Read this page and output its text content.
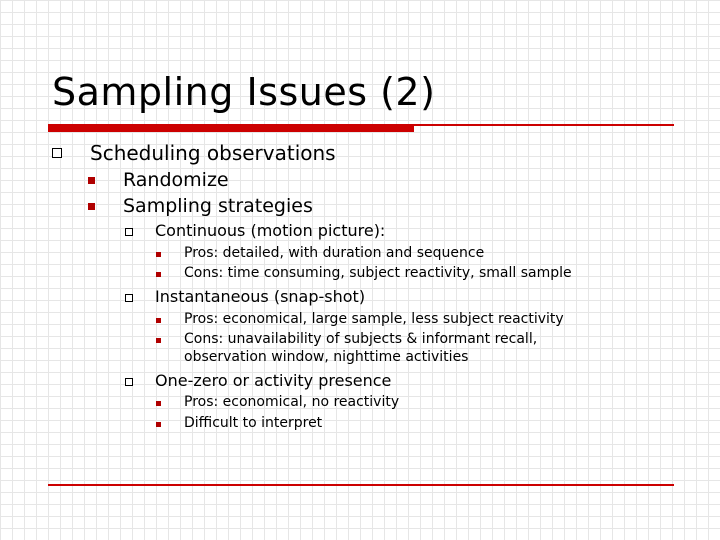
Sampling Issues (2)
Scheduling observations
Randomize
Sampling strategies
Continuous (motion picture):
Pros: detailed, with duration and sequence
Cons: time consuming, subject reactivity, small sample
Instantaneous (snap-shot)
Pros: economical, large sample, less subject reactivity
Cons: unavailability of subjects & informant recall,
observation window, nighttime activities
One-zero or activity presence
Pros: economical, no reactivity
Difficult to interpret
